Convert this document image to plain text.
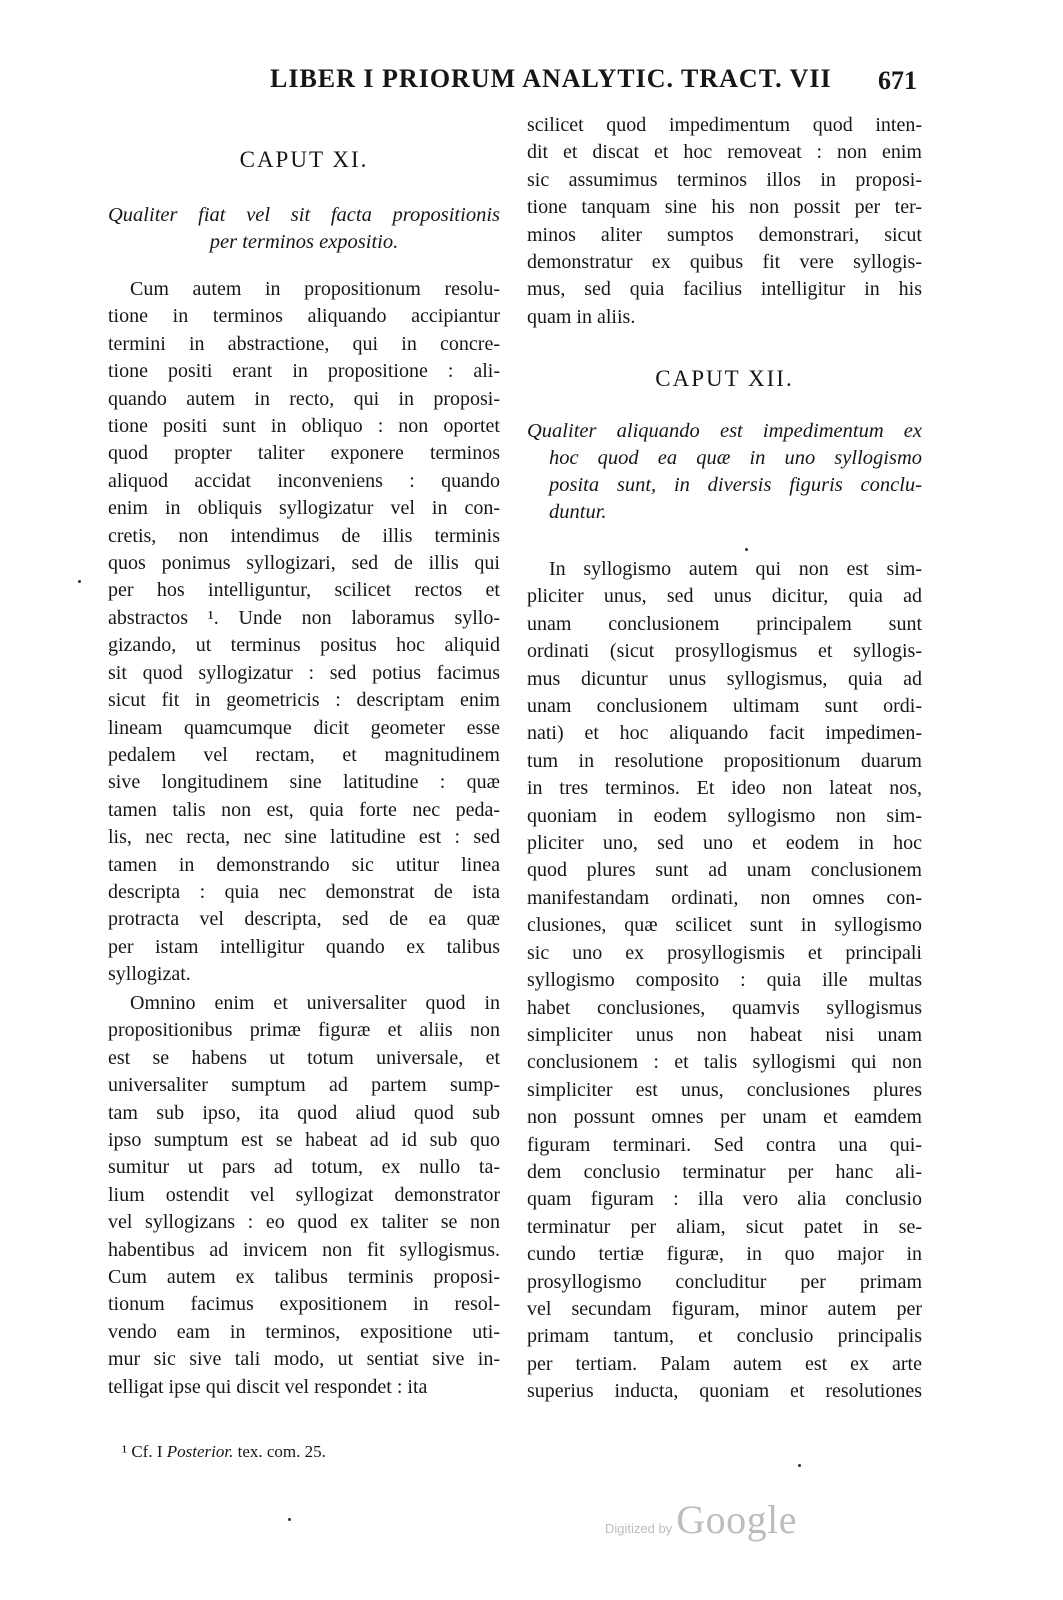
LIBER I PRIORUM ANALYTIC. TRACT. VII 671
CAPUT XI.
Qualiter fiat vel sit facta propositionis
per terminos expositio.
Cum autem in propositionum resolu-
tione in terminos aliquando accipiantur
termini in abstractione, qui in concre-
tione positi erant in propositione : ali-
quando autem in recto, qui in proposi-
tione positi sunt in obliquo : non oportet
quod propter taliter exponere terminos
aliquod accidat inconveniens : quando
enim in obliquis syllogizatur vel in con-
cretis, non intendimus de illis terminis
quos ponimus syllogizari, sed de illis qui
per hos intelliguntur, scilicet rectos et
abstractos ¹. Unde non laboramus syllo-
gizando, ut terminus positus hoc aliquid
sit quod syllogizatur : sed potius facimus
sicut fit in geometricis : descriptam enim
lineam quamcumque dicit geometer esse
pedalem vel rectam, et magnitudinem
sive longitudinem sine latitudine : quæ
tamen talis non est, quia forte nec peda-
lis, nec recta, nec sine latitudine est : sed
tamen in demonstrando sic utitur linea
descripta : quia nec demonstrat de ista
protracta vel descripta, sed de ea quæ
per istam intelligitur quando ex talibus
syllogizat.
Omnino enim et universaliter quod in
propositionibus primæ figuræ et aliis non
est se habens ut totum universale, et
universaliter sumptum ad partem sump-
tam sub ipso, ita quod aliud quod sub
ipso sumptum est se habeat ad id sub quo
sumitur ut pars ad totum, ex nullo ta-
lium ostendit vel syllogizat demonstrator
vel syllogizans : eo quod ex taliter se non
habentibus ad invicem non fit syllogismus.
Cum autem ex talibus terminis proposi-
tionum facimus expositionem in resol-
vendo eam in terminos, expositione uti-
mur sic sive tali modo, ut sentiat sive in-
telligat ipse qui discit vel respondet : ita
scilicet quod impedimentum quod inten-
dit et discat et hoc removeat : non enim
sic assumimus terminos illos in proposi-
tione tanquam sine his non possit per ter-
minos aliter sumptos demonstrari, sicut
demonstratur ex quibus fit vere syllogis-
mus, sed quia facilius intelligitur in his
quam in aliis.
CAPUT XII.
Qualiter aliquando est impedimentum ex
hoc quod ea quæ in uno syllogismo
posita sunt, in diversis figuris conclu-
duntur.
In syllogismo autem qui non est sim-
pliciter unus, sed unus dicitur, quia ad
unam conclusionem principalem sunt
ordinati (sicut prosyllogismus et syllogis-
mus dicuntur unus syllogismus, quia ad
unam conclusionem ultimam sunt ordi-
nati) et hoc aliquando facit impedimen-
tum in resolutione propositionum duarum
in tres terminos. Et ideo non lateat nos,
quoniam in eodem syllogismo non sim-
pliciter uno, sed uno et eodem in hoc
quod plures sunt ad unam conclusionem
manifestandam ordinati, non omnes con-
clusiones, quæ scilicet sunt in syllogismo
sic uno ex prosyllogismis et principali
syllogismo composito : quia ille multas
habet conclusiones, quamvis syllogismus
simpliciter unus non habeat nisi unam
conclusionem : et talis syllogismi qui non
simpliciter est unus, conclusiones plures
non possunt omnes per unam et eamdem
figuram terminari. Sed contra una qui-
dem conclusio terminatur per hanc ali-
quam figuram : illa vero alia conclusio
terminatur per aliam, sicut patet in se-
cundo tertiæ figuræ, in quo major in
prosyllogismo concluditur per primam
vel secundam figuram, minor autem per
primam tantum, et conclusio principalis
per tertiam. Palam autem est ex arte
superius inducta, quoniam et resolutiones
¹ Cf. I Posterior. tex. com. 25.
Digitized by Google
